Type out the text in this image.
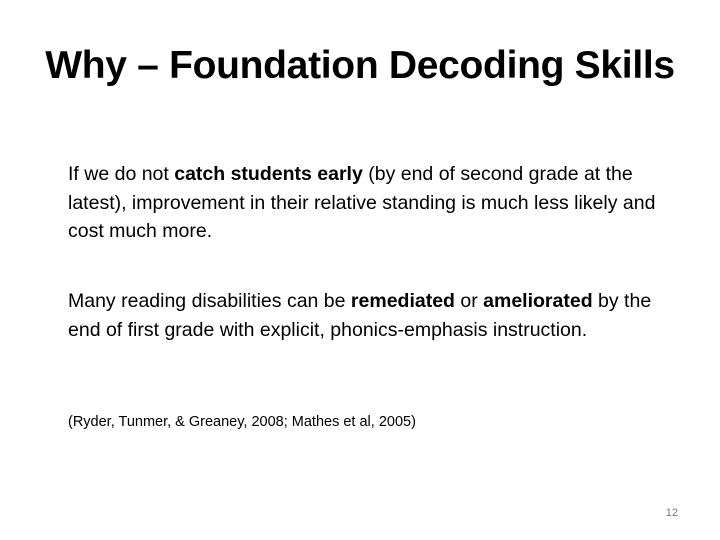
Why – Foundation Decoding Skills
If we do not catch students early (by end of second grade at the latest), improvement in their relative standing is much less likely and cost much more.
Many reading disabilities can be remediated or ameliorated by the end of first grade with explicit, phonics-emphasis instruction.
(Ryder, Tunmer, & Greaney, 2008; Mathes et al, 2005)
12
